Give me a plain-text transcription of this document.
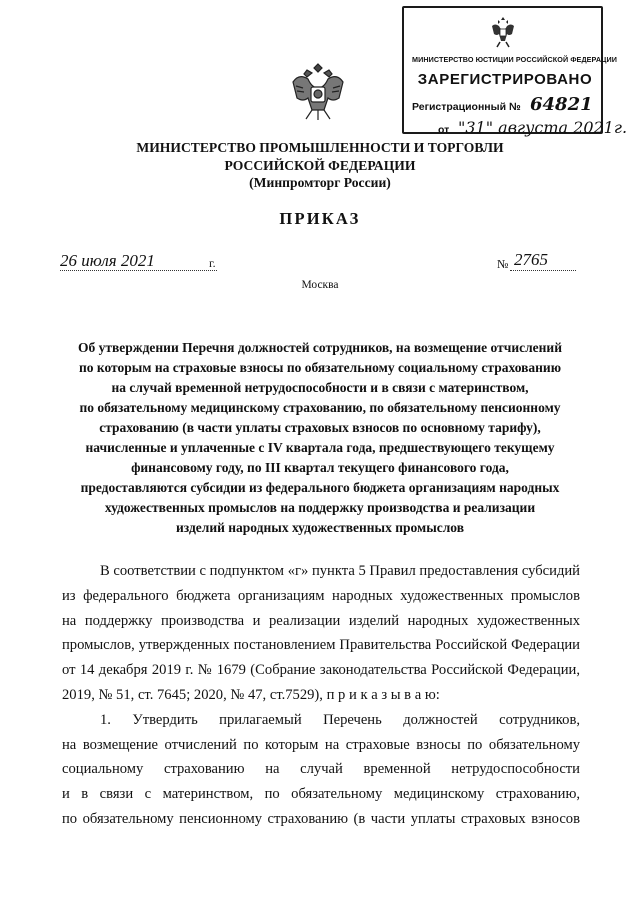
МИНИСТЕРСТВО ЮСТИЦИИ РОССИЙСКОЙ ФЕДЕРАЦИИ
ЗАРЕГИСТРИРОВАНО
Регистрационный № 64821
от "31" августа 2021г.
МИНИСТЕРСТВО ПРОМЫШЛЕННОСТИ И ТОРГОВЛИ
РОССИЙСКОЙ ФЕДЕРАЦИИ
(Минпромторг России)
ПРИКАЗ
26 июля 2021	г.	№ 2765
Москва
Об утверждении Перечня должностей сотрудников, на возмещение отчислений
по которым на страховые взносы по обязательному социальному страхованию
на случай временной нетрудоспособности и в связи с материнством,
по обязательному медицинскому страхованию, по обязательному пенсионному
страхованию (в части уплаты страховых взносов по основному тарифу),
начисленные и уплаченные с IV квартала года, предшествующего текущему
финансовому году, по III квартал текущего финансового года,
предоставляются субсидии из федерального бюджета организациям народных
художественных промыслов на поддержку производства и реализации
изделий народных художественных промыслов
В соответствии с подпунктом «г» пункта 5 Правил предоставления субсидий
из федерального бюджета организациям народных художественных промыслов
на поддержку производства и реализации изделий народных художественных
промыслов, утвержденных постановлением Правительства Российской Федерации
от 14 декабря 2019 г. № 1679 (Собрание законодательства Российской Федерации,
2019, № 51, ст. 7645; 2020, № 47, ст.7529), п р и к а з ы в а ю:
1. Утвердить прилагаемый Перечень должностей сотрудников,
на возмещение отчислений по которым на страховые взносы по обязательному
социальному страхованию на случай временной нетрудоспособности
и в связи с материнством, по обязательному медицинскому страхованию,
по обязательному пенсионному страхованию (в части уплаты страховых взносов
